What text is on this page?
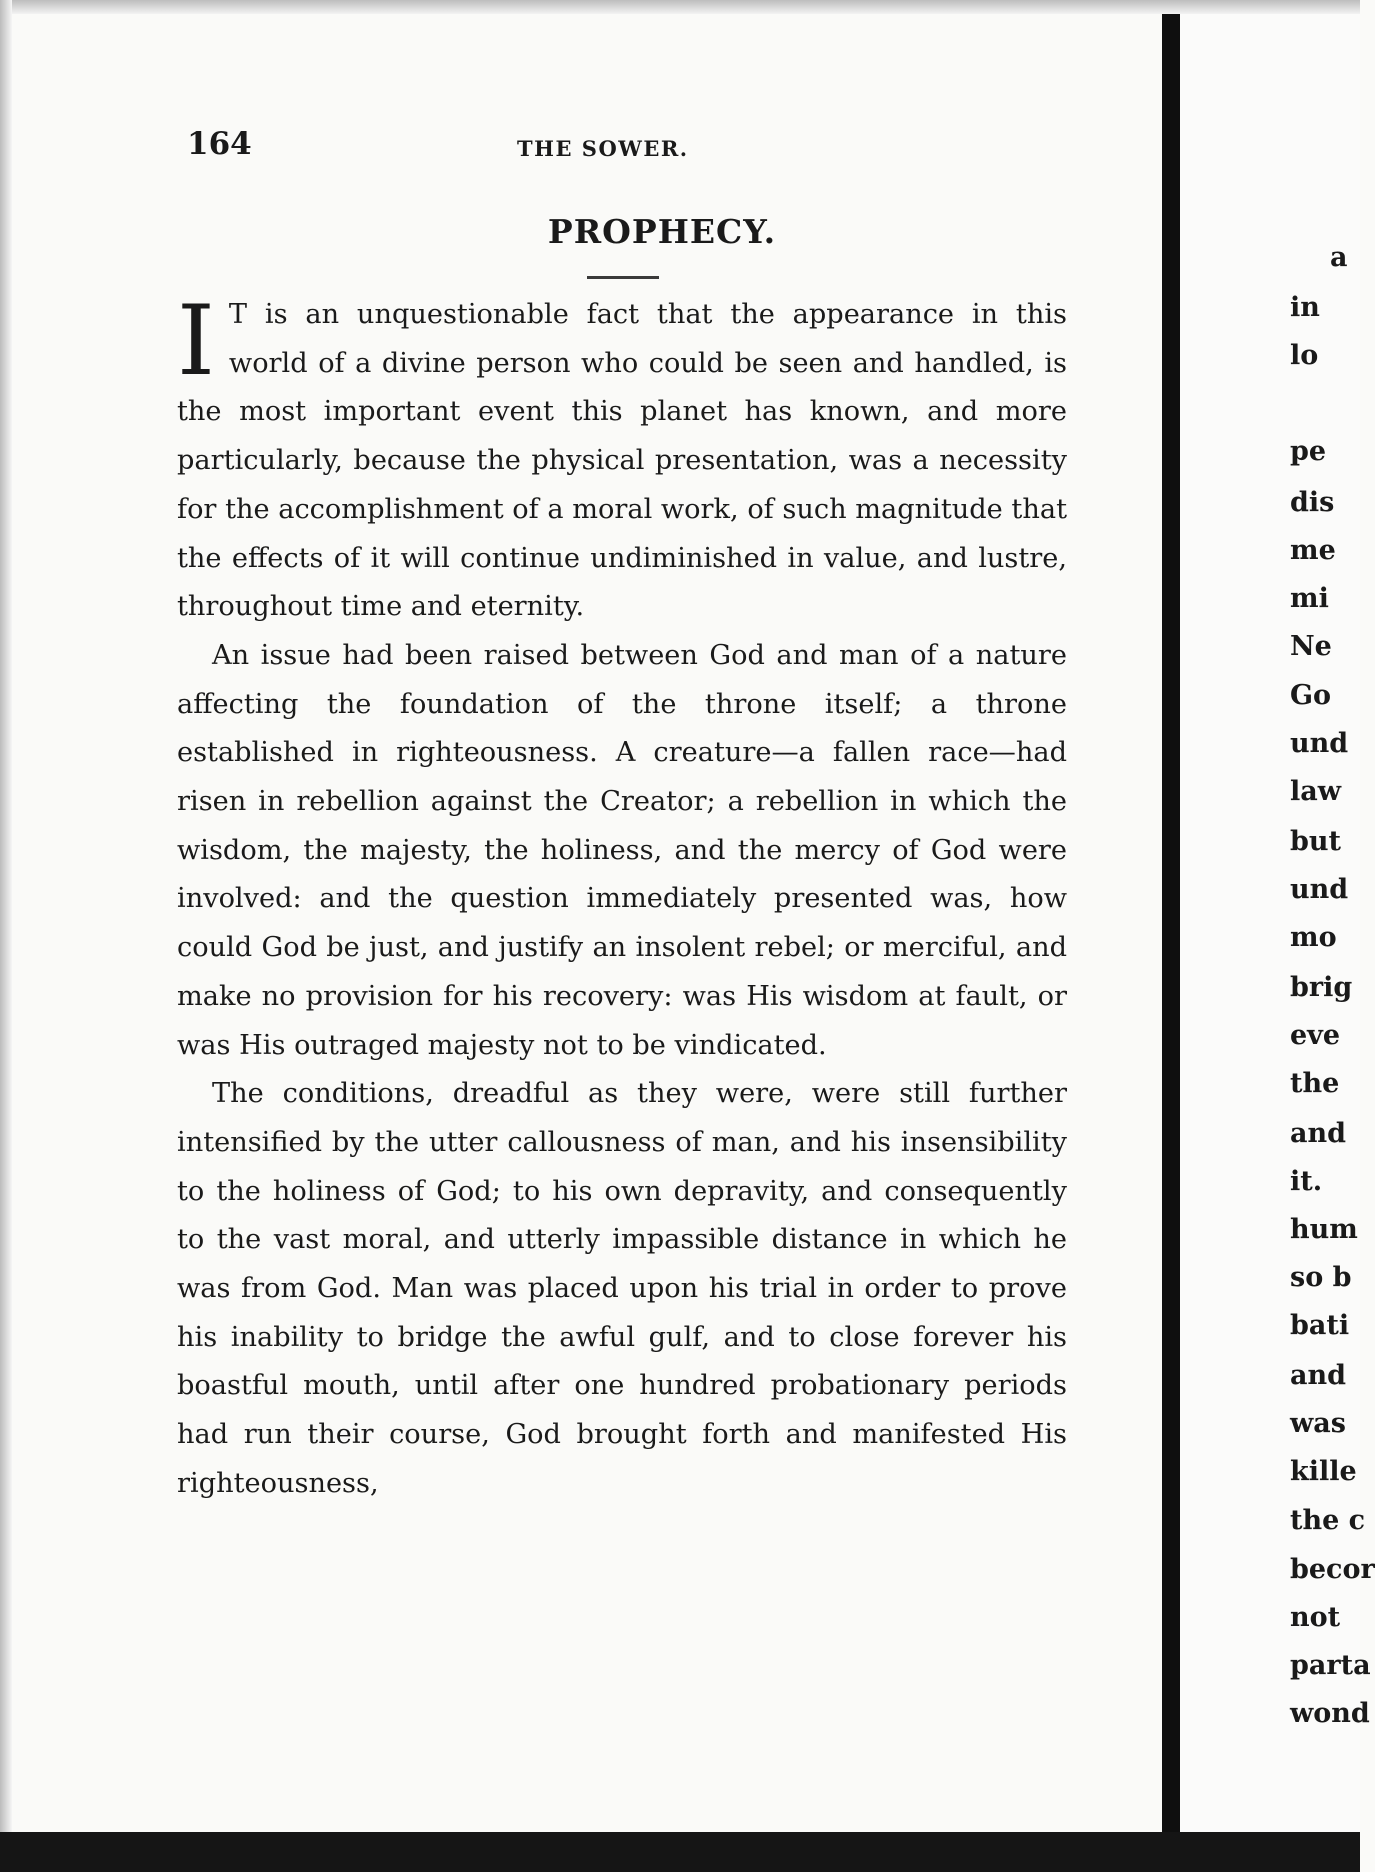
164	THE SOWER.
PROPHECY.

I T is an unquestionable fact that the appearance in this world of a divine person who could be seen and handled, is the most important event this planet has known, and more particularly, because the physical presentation, was a necessity for the accomplishment of a moral work, of such magnitude that the effects of it will continue undiminished in value, and lustre, throughout time and eternity.

An issue had been raised between God and man of a nature affecting the foundation of the throne itself; a throne established in righteousness. A creature—a fallen race—had risen in rebellion against the Creator; a rebellion in which the wisdom, the majesty, the holiness, and the mercy of God were involved: and the question immediately presented was, how could God be just, and justify an insolent rebel; or merciful, and make no provision for his recovery: was His wisdom at fault, or was His outraged majesty not to be vindicated.

The conditions, dreadful as they were, were still further intensified by the utter callousness of man, and his insensibility to the holiness of God; to his own depravity, and consequently to the vast moral, and utterly impassible distance in which he was from God. Man was placed upon his trial in order to prove his inability to bridge the awful gulf, and to close forever his boastful mouth, until after one hundred probationary periods had run their course, God brought forth and manifested His righteousness,

a
in
lo
pe
dis
me
mi
Ne
Go
und
law
but
und
mo
brig
eve
the
and
it.
hum
so b
bati
and
was
kille
the c
becor
not
parta
wond
